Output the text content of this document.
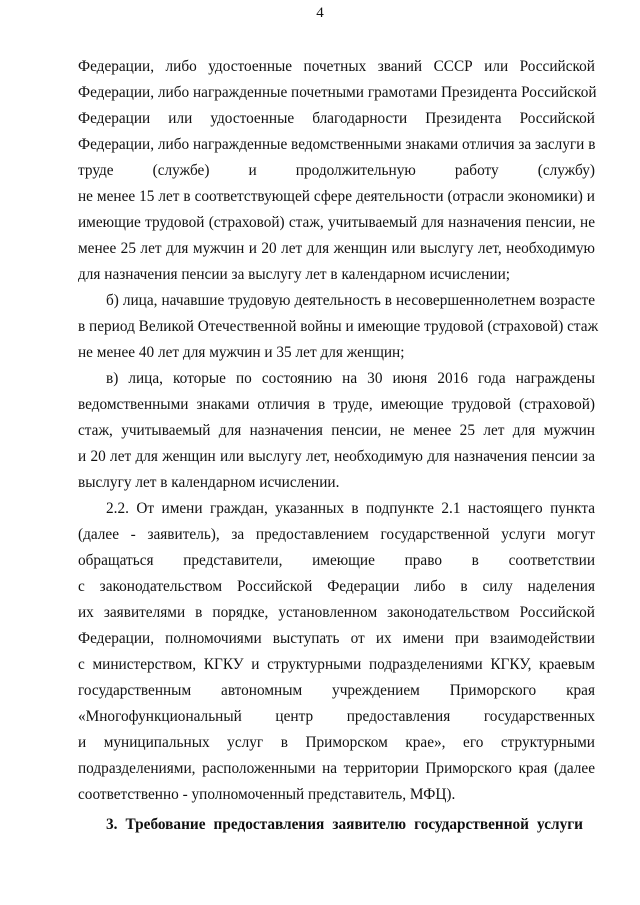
4
Федерации, либо удостоенные почетных званий СССР или Российской
Федерации, либо награжденные почетными грамотами Президента Российской
Федерации или удостоенные благодарности Президента Российской
Федерации, либо награжденные ведомственными знаками отличия за заслуги в
труде (службе) и продолжительную работу (службу)
не менее 15 лет в соответствующей сфере деятельности (отрасли экономики) и
имеющие трудовой (страховой) стаж, учитываемый для назначения пенсии, не
менее 25 лет для мужчин и 20 лет для женщин или выслугу лет, необходимую
для назначения пенсии за выслугу лет в календарном исчислении;
б) лица, начавшие трудовую деятельность в несовершеннолетнем возрасте
в период Великой Отечественной войны и имеющие трудовой (страховой) стаж
не менее 40 лет для мужчин и 35 лет для женщин;
в) лица, которые по состоянию на 30 июня 2016 года награждены
ведомственными знаками отличия в труде, имеющие трудовой (страховой)
стаж, учитываемый для назначения пенсии, не менее 25 лет для мужчин
и 20 лет для женщин или выслугу лет, необходимую для назначения пенсии за
выслугу лет в календарном исчислении.
2.2. От имени граждан, указанных в подпункте 2.1 настоящего пункта
(далее - заявитель), за предоставлением государственной услуги могут
обращаться представители, имеющие право в соответствии
с законодательством Российской Федерации либо в силу наделения
их заявителями в порядке, установленном законодательством Российской
Федерации, полномочиями выступать от их имени при взаимодействии
с министерством, КГКУ и структурными подразделениями КГКУ, краевым
государственным автономным учреждением Приморского края
«Многофункциональный центр предоставления государственных
и муниципальных услуг в Приморском крае», его структурными
подразделениями, расположенными на территории Приморского края (далее
соответственно - уполномоченный представитель, МФЦ).
3. Требование предоставления заявителю государственной услуги
